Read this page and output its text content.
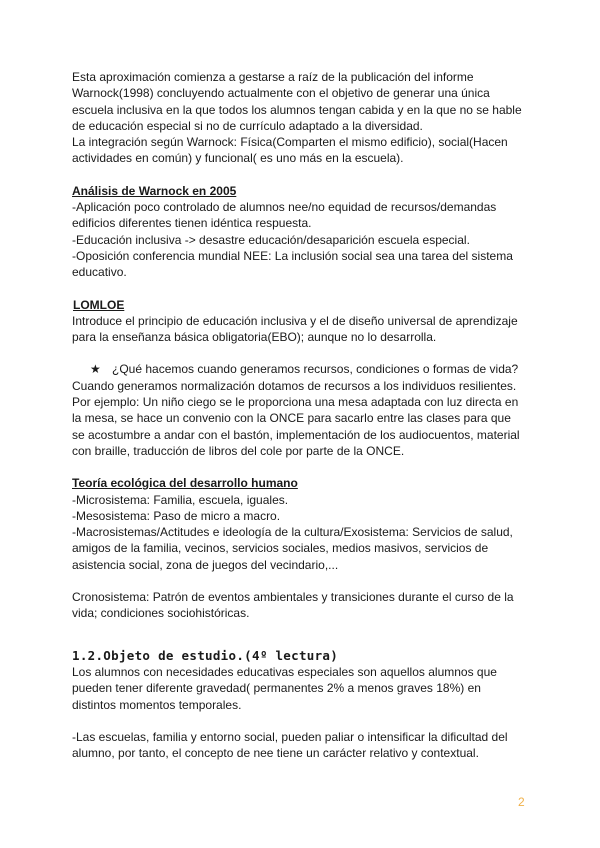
Esta aproximación comienza a gestarse a raíz de la publicación del informe

Warnock(1998) concluyendo actualmente con el objetivo de generar una única

escuela inclusiva en la que todos los alumnos tengan cabida y en la que no se hable

de educación especial si no de currículo adaptado a la diversidad.

La integración según Warnock: Física(Comparten el mismo edificio), social(Hacen

actividades en común) y funcional( es uno más en la escuela).

Análisis de Warnock en 2005

-Aplicación poco controlado de alumnos nee/no equidad de recursos/demandas

edificios diferentes tienen idéntica respuesta.

-Educación inclusiva -> desastre educación/desaparición escuela especial.

-Oposición conferencia mundial NEE: La inclusión social sea una tarea del sistema

educativo.

LOMLOE

Introduce el principio de educación inclusiva y el de diseño universal de aprendizaje

para la enseñanza básica obligatoria(EBO); aunque no lo desarrolla.

★ ¿Qué hacemos cuando generamos recursos, condiciones o formas de vida?

Cuando generamos normalización dotamos de recursos a los individuos resilientes.

Por ejemplo: Un niño ciego se le proporciona una mesa adaptada con luz directa en

la mesa, se hace un convenio con la ONCE para sacarlo entre las clases para que

se acostumbre a andar con el bastón, implementación de los audiocuentos, material

con braille, traducción de libros del cole por parte de la ONCE.

Teoría ecológica del desarrollo humano

-Microsistema: Familia, escuela, iguales.

-Mesosistema: Paso de micro a macro.

-Macrosistemas/Actitudes e ideología de la cultura/Exosistema: Servicios de salud,

amigos de la familia, vecinos, servicios sociales, medios masivos, servicios de

asistencia social, zona de juegos del vecindario,...

Cronosistema: Patrón de eventos ambientales y transiciones durante el curso de la

vida; condiciones sociohistóricas.

1.2.Objeto de estudio.(4º lectura)

Los alumnos con necesidades educativas especiales son aquellos alumnos que

pueden tener diferente gravedad( permanentes 2% a menos graves 18%) en

distintos momentos temporales.

-Las escuelas, familia y entorno social, pueden paliar o intensificar la dificultad del

alumno, por tanto, el concepto de nee tiene un carácter relativo y contextual.

2
